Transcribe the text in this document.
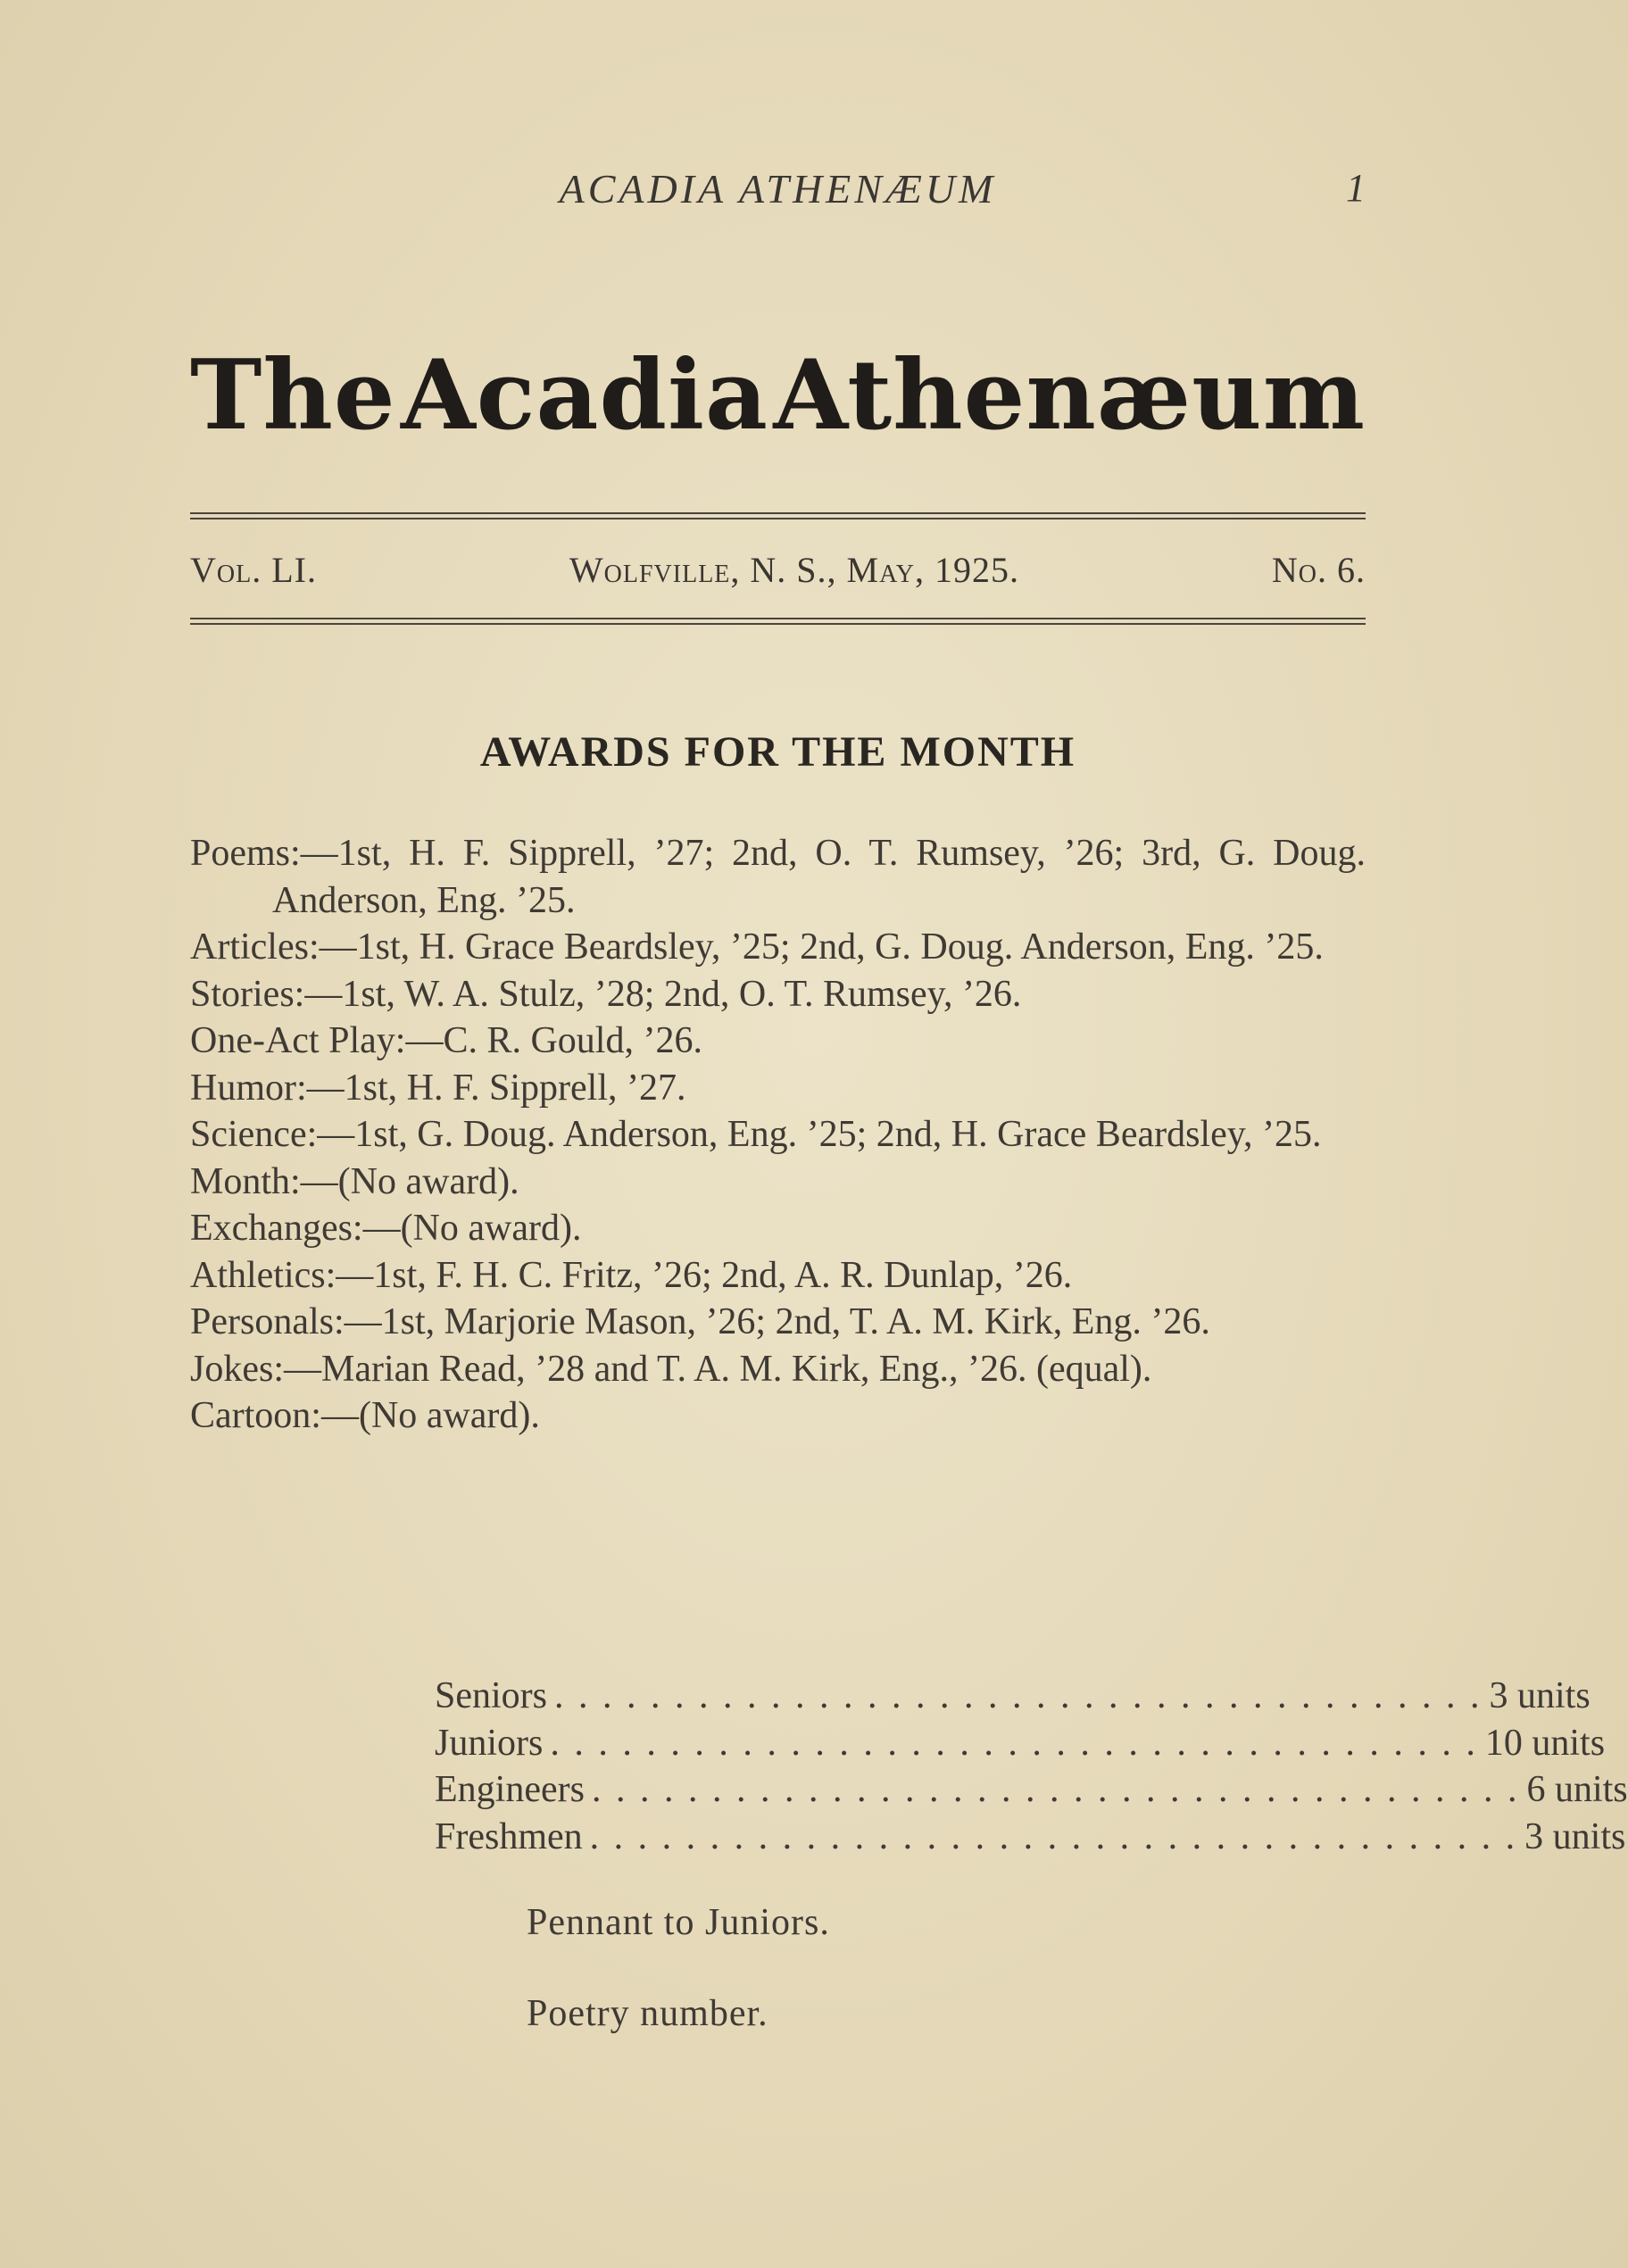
ACADIA ATHENÆUM	1
The Acadia Athenæum
Vol. LI.	Wolfville, N. S., May, 1925.	No. 6.
AWARDS FOR THE MONTH
Poems:—1st, H. F. Sipprell, ’27; 2nd, O. T. Rumsey, ’26; 3rd, G. Doug. Anderson, Eng. ’25.
Articles:—1st, H. Grace Beardsley, ’25; 2nd, G. Doug. Anderson, Eng. ’25.
Stories:—1st, W. A. Stulz, ’28; 2nd, O. T. Rumsey, ’26.
One-Act Play:—C. R. Gould, ’26.
Humor:—1st, H. F. Sipprell, ’27.
Science:—1st, G. Doug. Anderson, Eng. ’25; 2nd, H. Grace Beardsley, ’25.
Month:—(No award).
Exchanges:—(No award).
Athletics:—1st, F. H. C. Fritz, ’26; 2nd, A. R. Dunlap, ’26.
Personals:—1st, Marjorie Mason, ’26; 2nd, T. A. M. Kirk, Eng. ’26.
Jokes:—Marian Read, ’28 and T. A. M. Kirk, Eng., ’26. (equal).
Cartoon:—(No award).
Seniors . . . . . . . . . . . . . . . . . . . . . . . . . . . . . . . . . . . . . . . 3 units
Juniors . . . . . . . . . . . . . . . . . . . . . . . . . . . . . . . . . . . . . . . 10 units
Engineers . . . . . . . . . . . . . . . . . . . . . . . . . . . . . . . . . . . . . . . 6 units
Freshmen . . . . . . . . . . . . . . . . . . . . . . . . . . . . . . . . . . . . . . . 3 units
Pennant to Juniors.
Poetry number.
